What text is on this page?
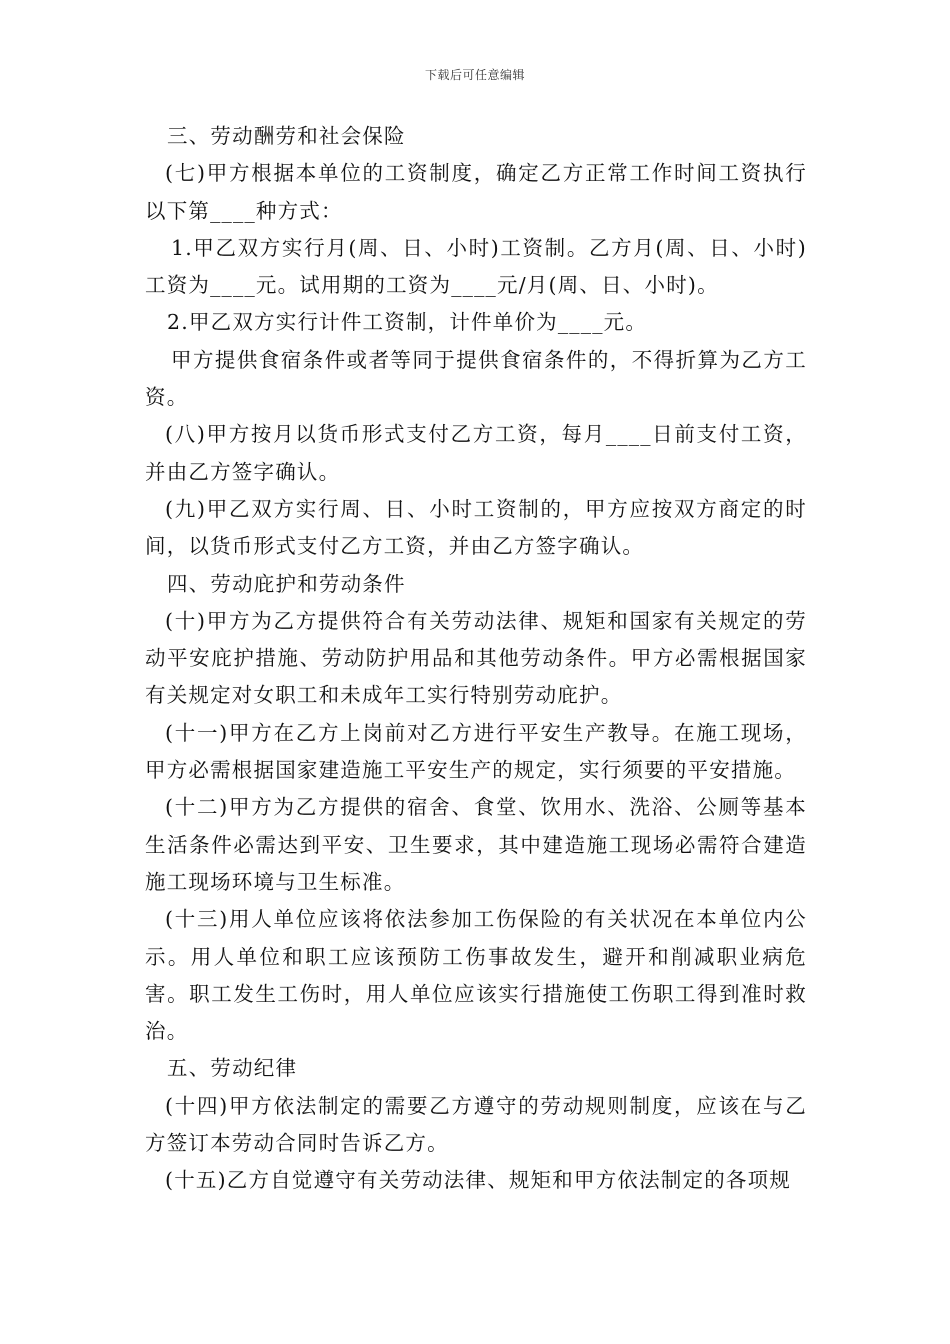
下载后可任意编辑

三、劳动酬劳和社会保险

(七)甲方根据本单位的工资制度，确定乙方正常工作时间工资执行以下第____种方式：

1.甲乙双方实行月(周、日、小时)工资制。乙方月(周、日、小时)工资为____元。试用期的工资为____元/月(周、日、小时)。

2.甲乙双方实行计件工资制，计件单价为____元。

甲方提供食宿条件或者等同于提供食宿条件的，不得折算为乙方工资。

(八)甲方按月以货币形式支付乙方工资，每月____日前支付工资，并由乙方签字确认。

(九)甲乙双方实行周、日、小时工资制的，甲方应按双方商定的时间，以货币形式支付乙方工资，并由乙方签字确认。

四、劳动庇护和劳动条件

(十)甲方为乙方提供符合有关劳动法律、规矩和国家有关规定的劳动平安庇护措施、劳动防护用品和其他劳动条件。甲方必需根据国家有关规定对女职工和未成年工实行特别劳动庇护。

(十一)甲方在乙方上岗前对乙方进行平安生产教导。在施工现场，甲方必需根据国家建造施工平安生产的规定，实行须要的平安措施。

(十二)甲方为乙方提供的宿舍、食堂、饮用水、洗浴、公厕等基本生活条件必需达到平安、卫生要求，其中建造施工现场必需符合建造施工现场环境与卫生标准。

(十三)用人单位应该将依法参加工伤保险的有关状况在本单位内公示。用人单位和职工应该预防工伤事故发生，避开和削减职业病危害。职工发生工伤时，用人单位应该实行措施使工伤职工得到准时救治。

五、劳动纪律

(十四)甲方依法制定的需要乙方遵守的劳动规则制度，应该在与乙方签订本劳动合同时告诉乙方。

(十五)乙方自觉遵守有关劳动法律、规矩和甲方依法制定的各项规
